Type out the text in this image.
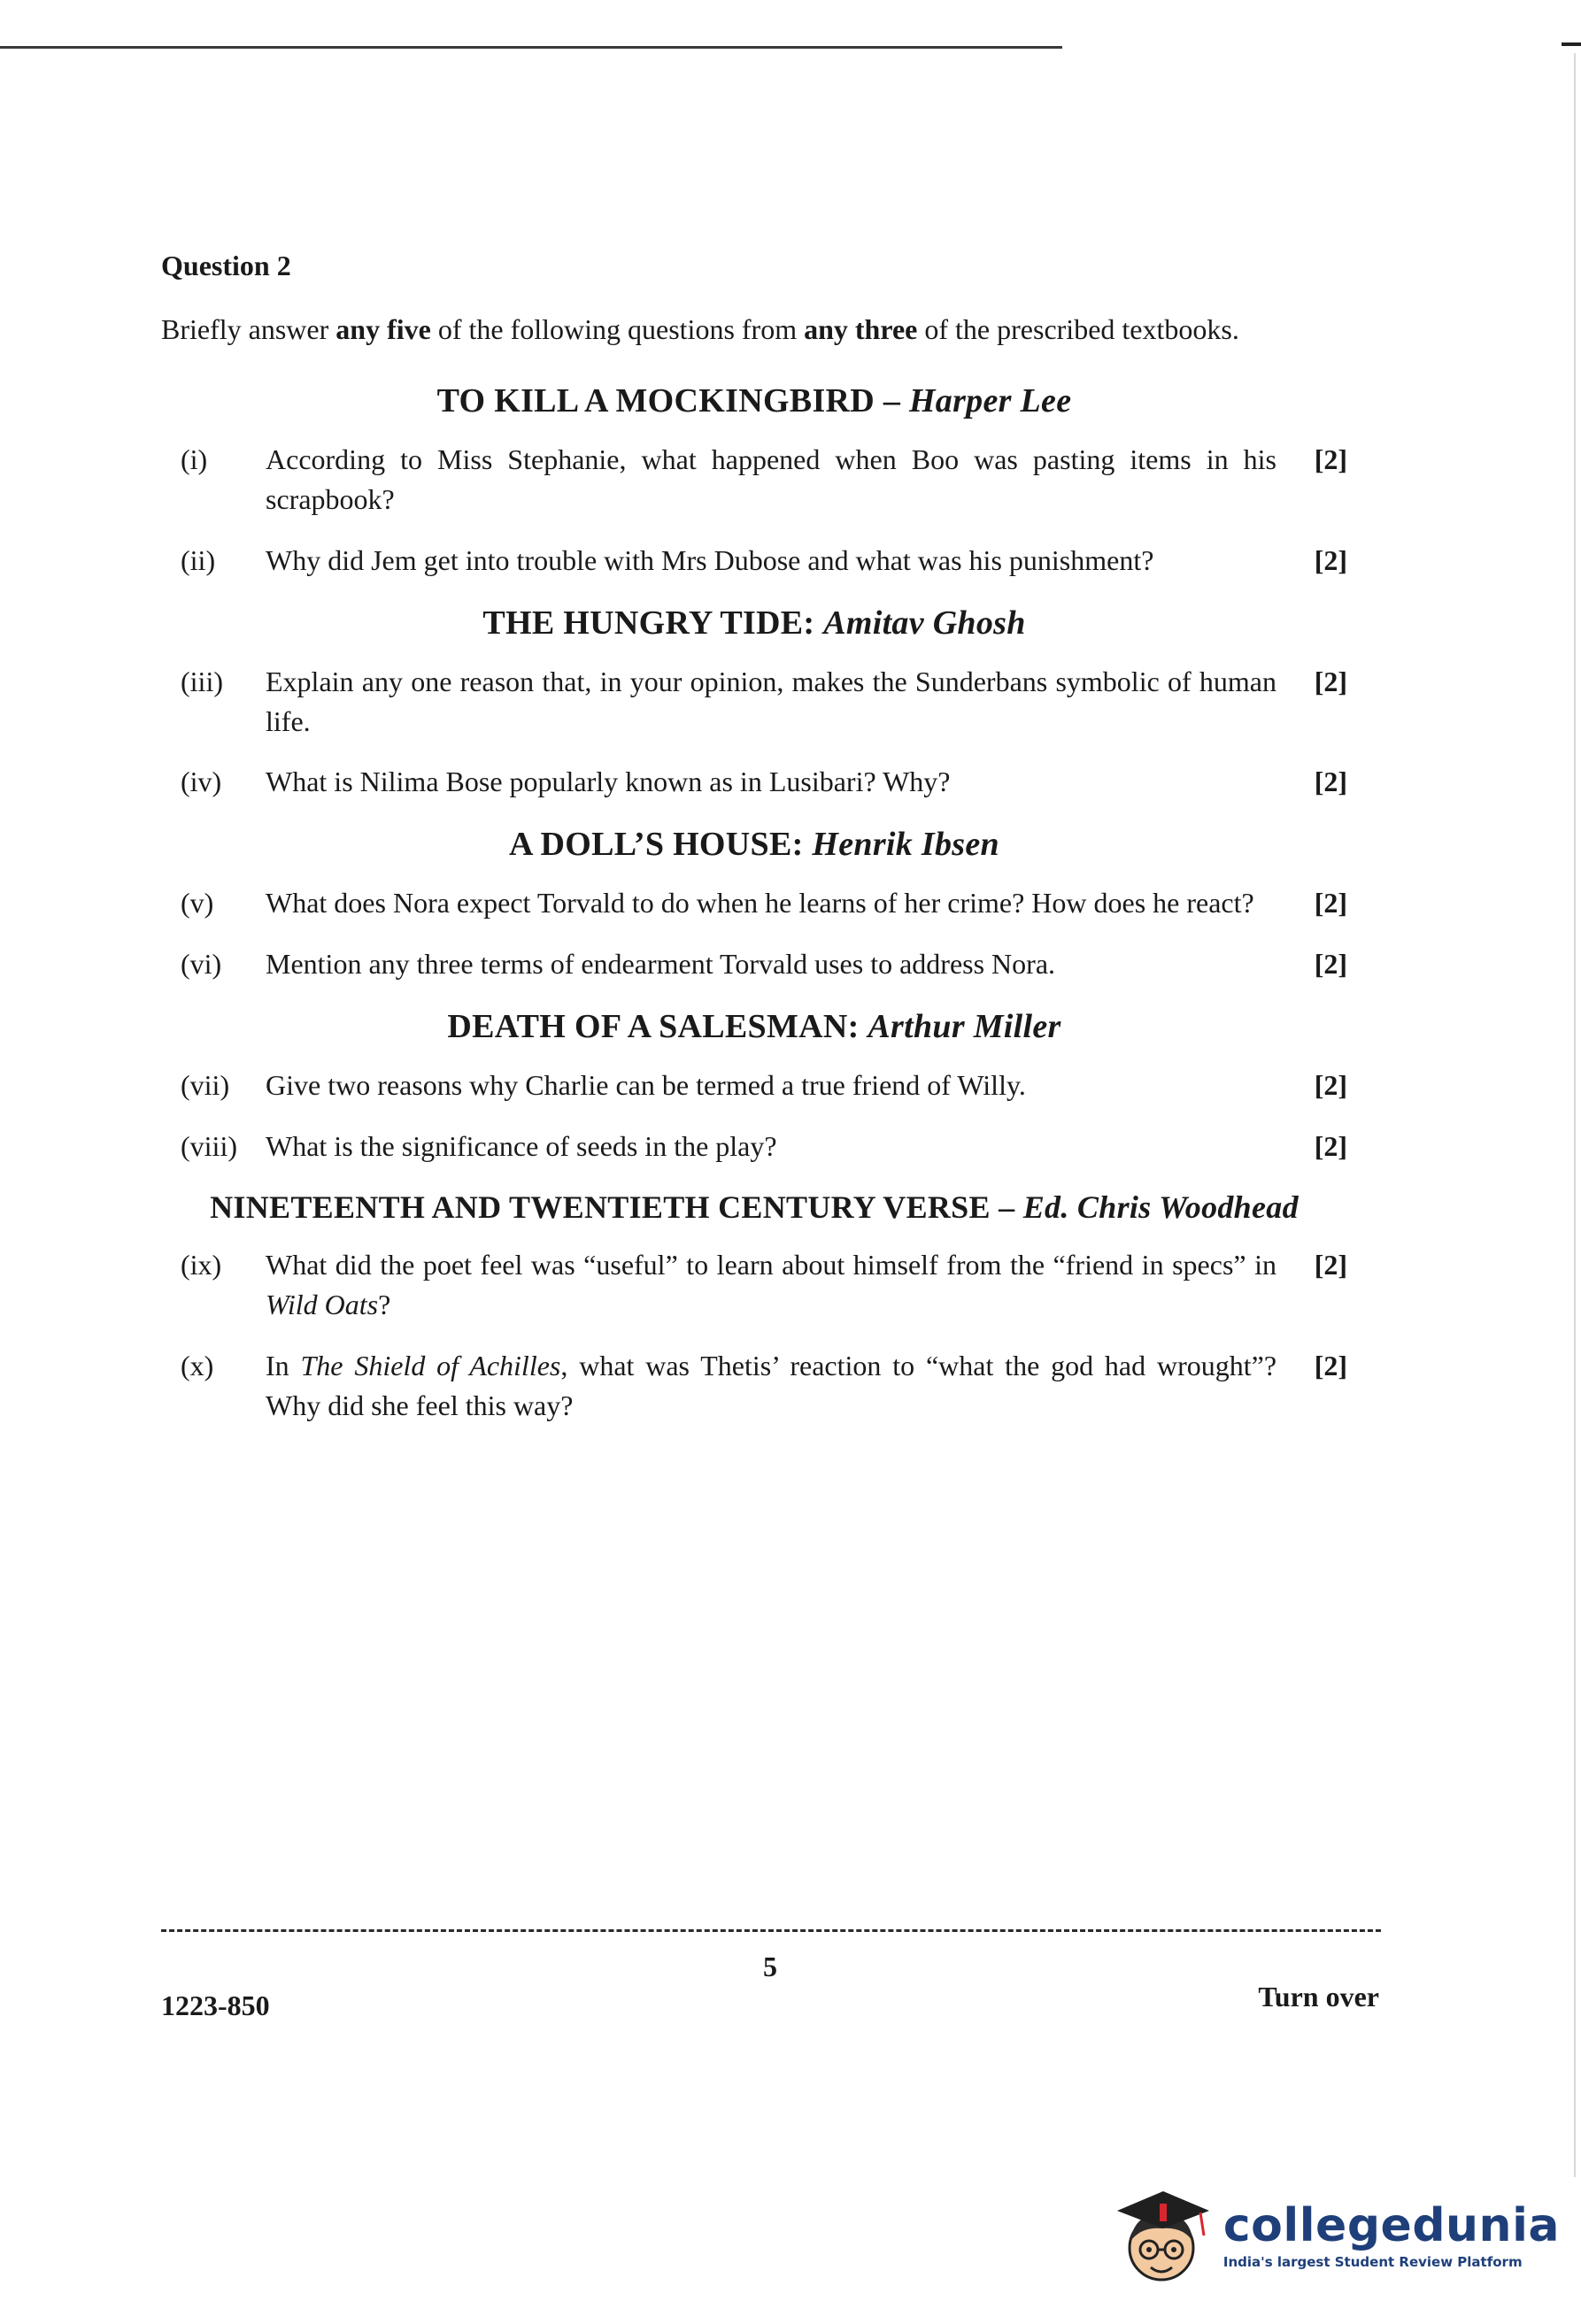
Question 2
Briefly answer any five of the following questions from any three of the prescribed textbooks.
TO KILL A MOCKINGBIRD – Harper Lee
(i)	According to Miss Stephanie, what happened when Boo was pasting items in his scrapbook?
[2]
(ii)	Why did Jem get into trouble with Mrs Dubose and what was his punishment?	[2]
THE HUNGRY TIDE: Amitav Ghosh
(iii)	Explain any one reason that, in your opinion, makes the Sunderbans symbolic of human life.
[2]
(iv)	What is Nilima Bose popularly known as in Lusibari? Why?	[2]
A DOLL’S HOUSE: Henrik Ibsen
(v)	What does Nora expect Torvald to do when he learns of her crime? How does he react?	[2]
(vi)	Mention any three terms of endearment Torvald uses to address Nora.	[2]
DEATH OF A SALESMAN: Arthur Miller
(vii)	Give two reasons why Charlie can be termed a true friend of Willy.	[2]
(viii)	What is the significance of seeds in the play?	[2]
NINETEENTH AND TWENTIETH CENTURY VERSE – Ed. Chris Woodhead
(ix)	What did the poet feel was “useful” to learn about himself from the “friend in specs” in Wild Oats?
[2]
(x)	In The Shield of Achilles, what was Thetis’ reaction to “what the god had wrought”? Why did she feel this way?
[2]
5
1223-850	Turn over
collegedunia
India's largest Student Review Platform
